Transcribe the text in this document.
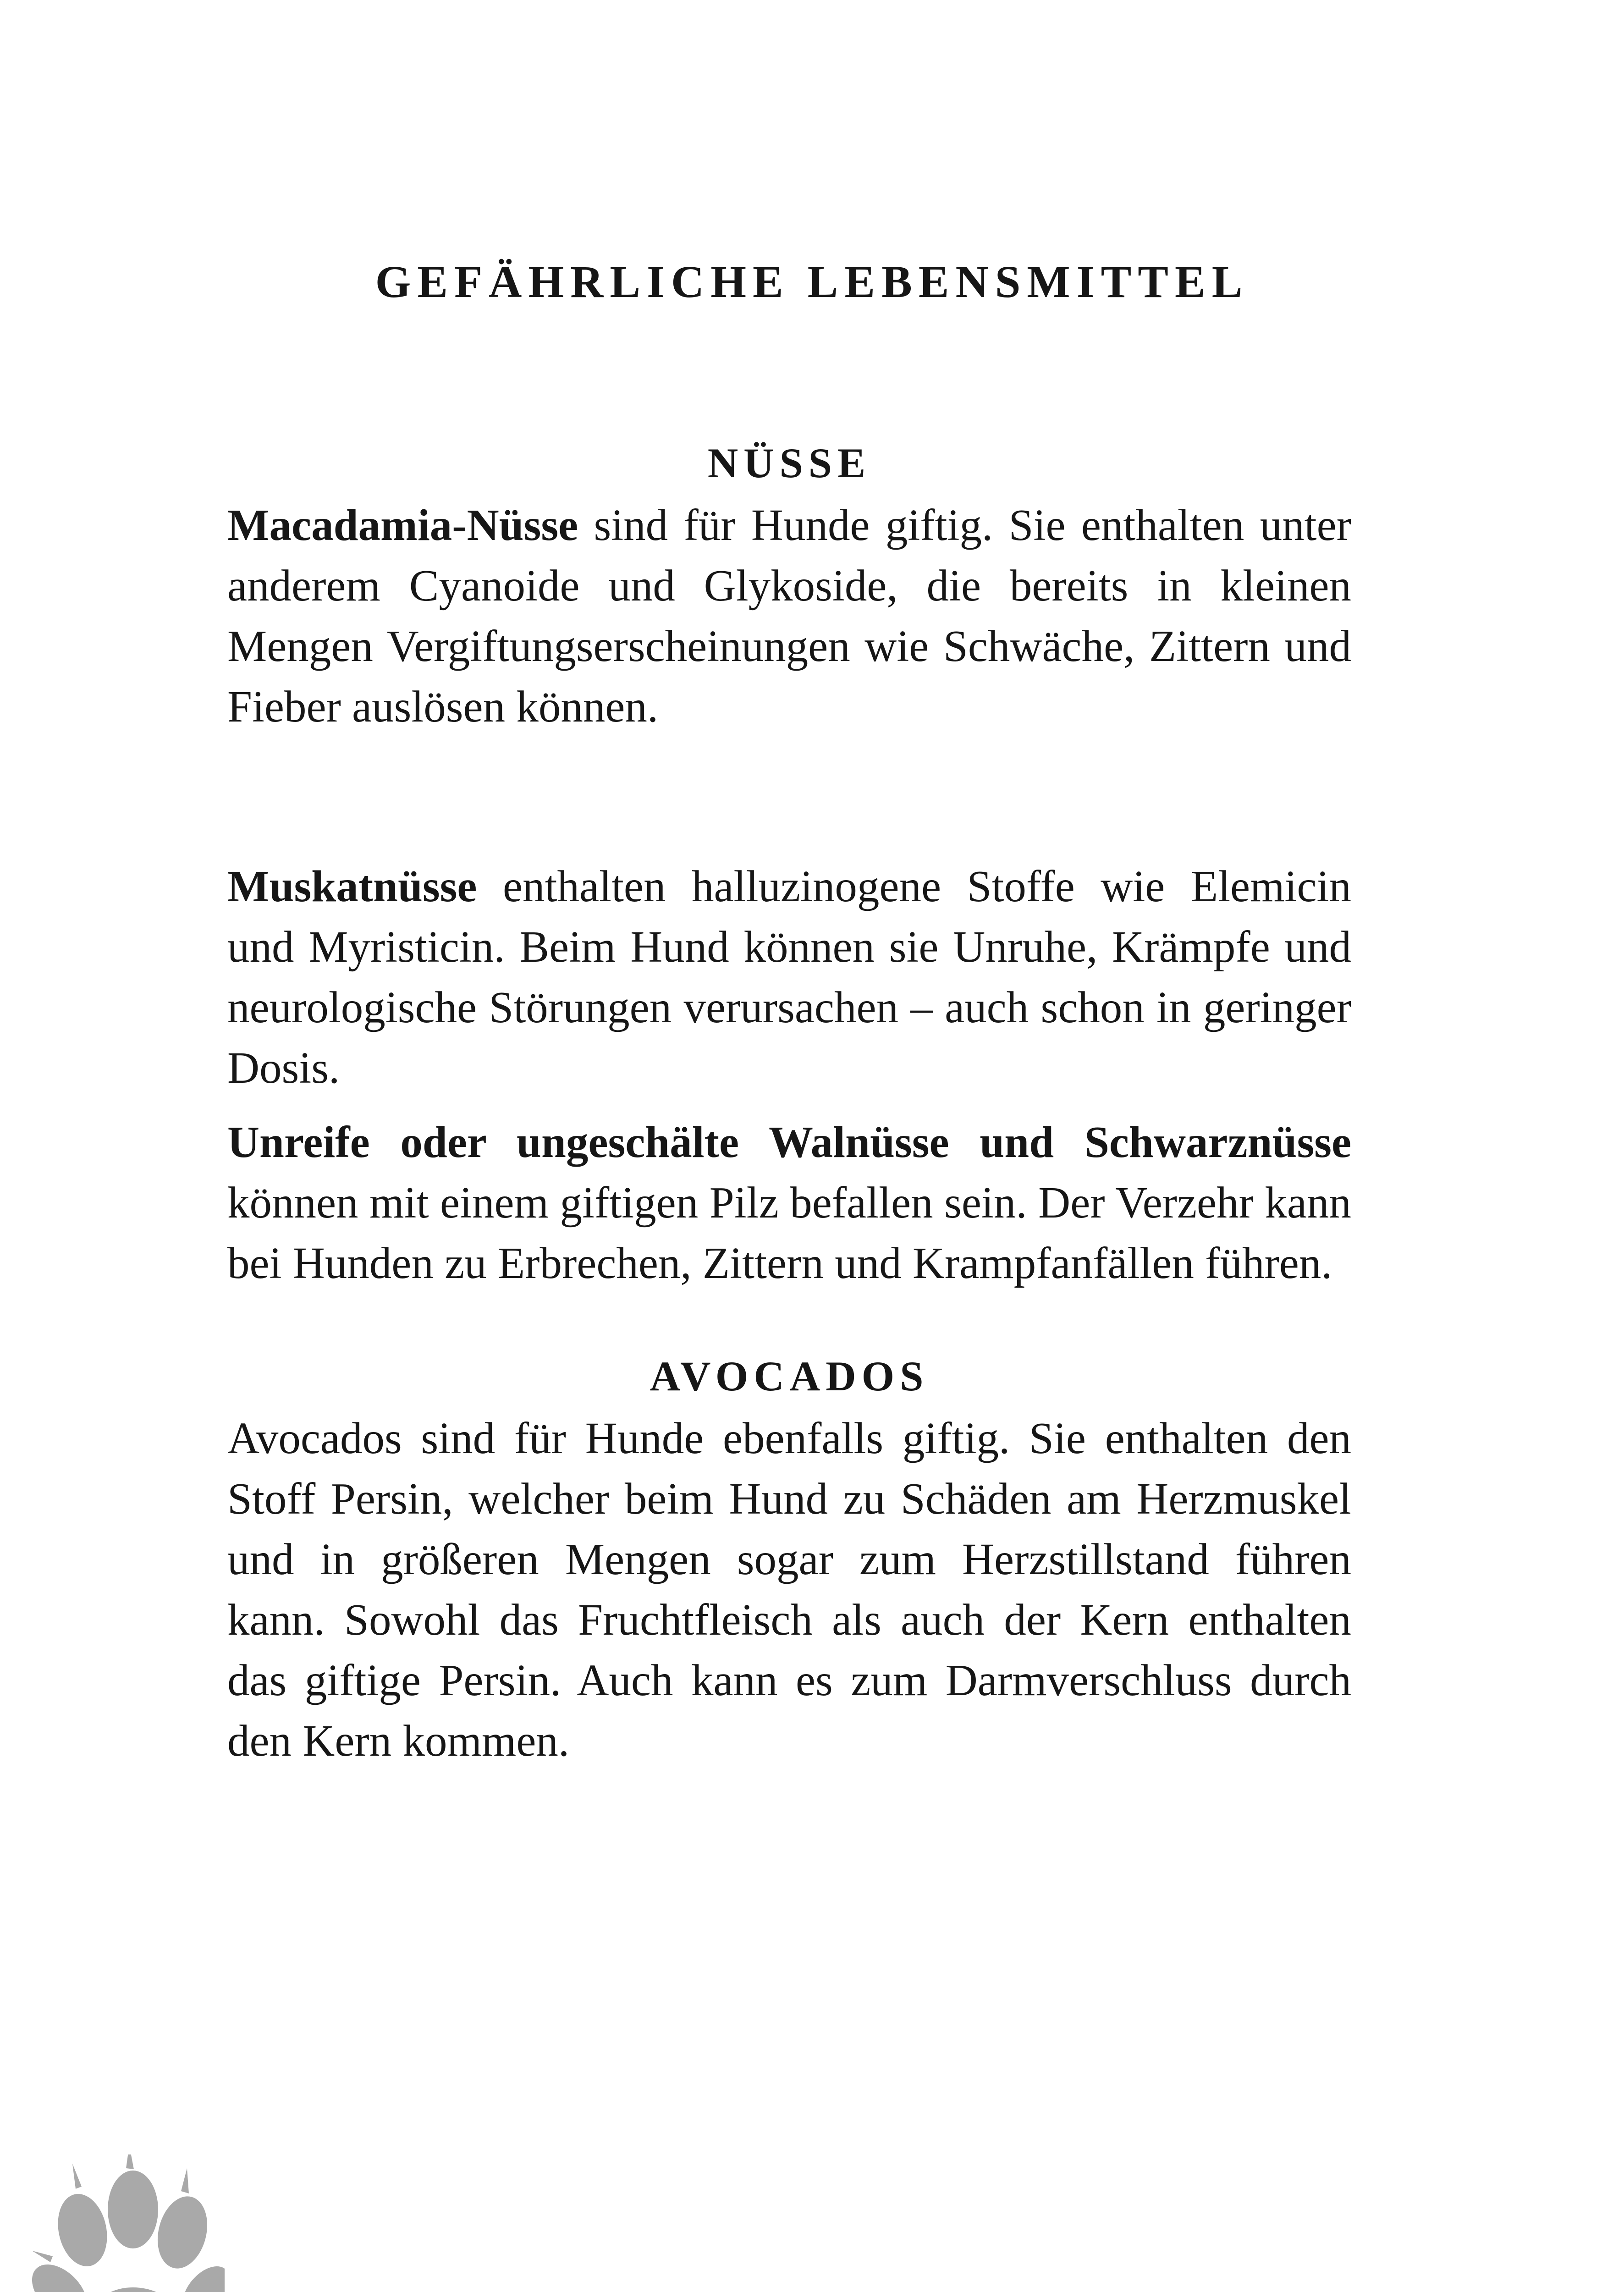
GEFÄHRLICHE LEBENSMITTEL
NÜSSE

Macadamia-Nüsse sind für Hunde giftig. Sie enthalten unter anderem Cyanoide und Glykoside, die bereits in kleinen Mengen Vergiftungserscheinungen wie Schwäche, Zittern und Fieber auslösen können.

Muskatnüsse enthalten halluzinogene Stoffe wie Elemicin und Myristicin. Beim Hund können sie Unruhe, Krämpfe und neurologische Störungen verursachen – auch schon in geringer Dosis.

Unreife oder ungeschälte Walnüsse und Schwarznüsse können mit einem giftigen Pilz befallen sein. Der Verzehr kann bei Hunden zu Erbrechen, Zittern und Krampfanfällen führen.

AVOCADOS

Avocados sind für Hunde ebenfalls giftig. Sie enthalten den Stoff Persin, welcher beim Hund zu Schäden am Herzmuskel und in größeren Mengen sogar zum Herzstillstand führen kann. Sowohl das Fruchtfleisch als auch der Kern enthalten das giftige Persin. Auch kann es zum Darmverschluss durch den Kern kommen.
